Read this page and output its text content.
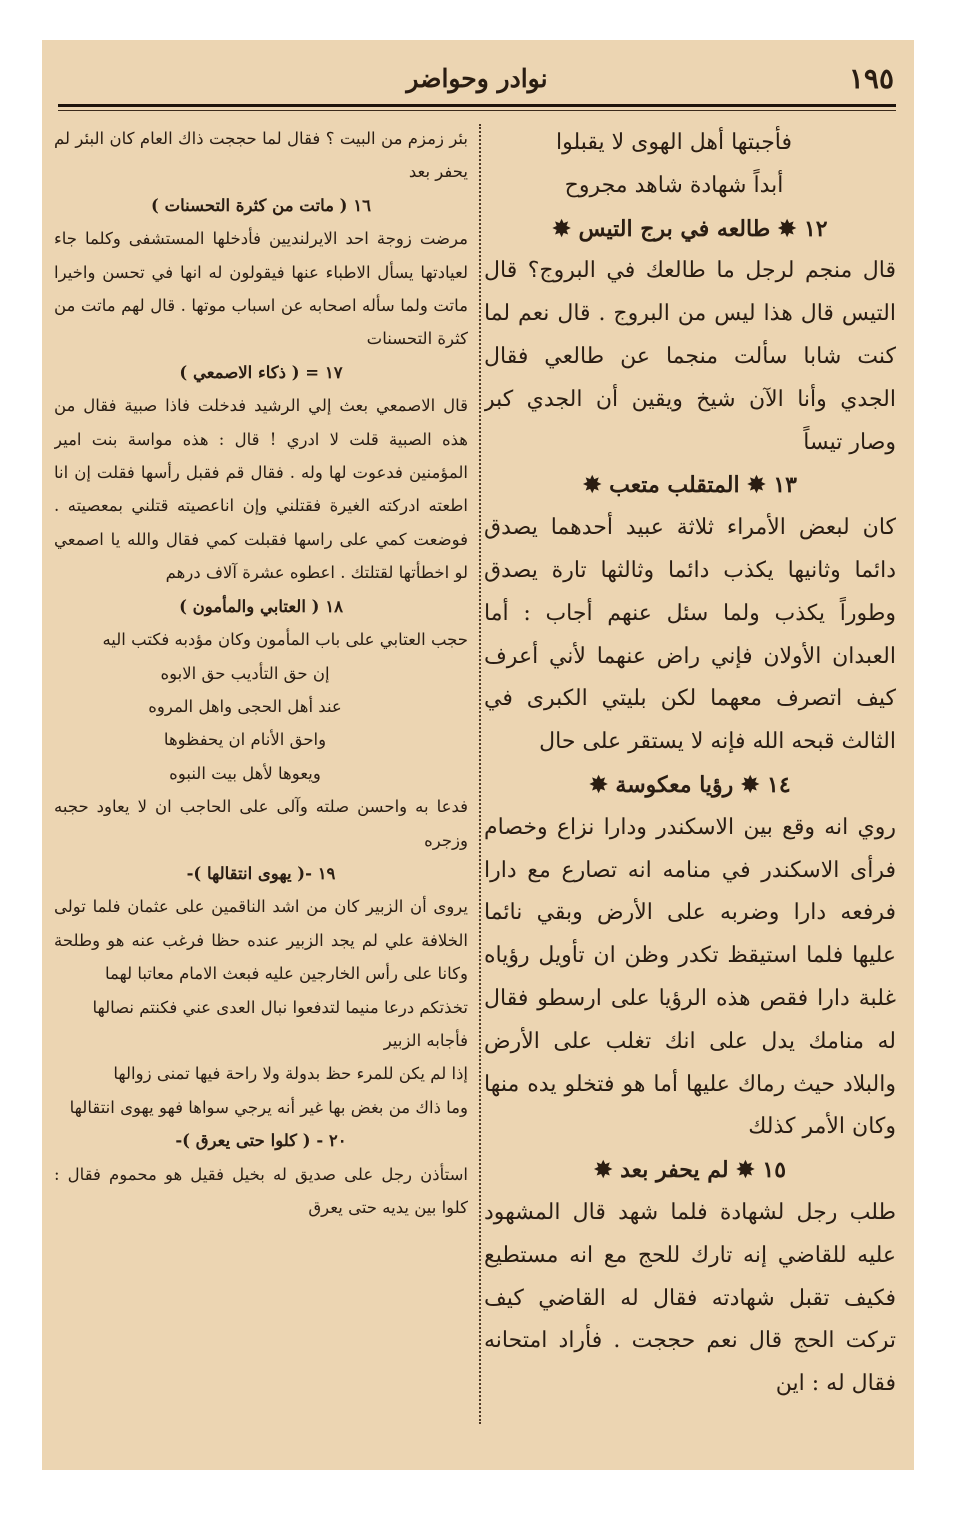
١٩٥
نوادر وحواضر

فأجبتها أهل الهوى لا يقبلوا

أبداً شهادة شاهد مجروح

١٢ ✸ طالعه في برج التيس ✸

قال منجم لرجل ما طالعك في البروج؟ قال التيس قال هذا ليس من البروج . قال نعم لما كنت شابا سألت منجما عن طالعي فقال الجدي وأنا الآن شيخ ويقين أن الجدي كبر وصار تيساً

١٣ ✸ المتقلب متعب ✸

كان لبعض الأمراء ثلاثة عبيد أحدهما يصدق دائما وثانيها يكذب دائما وثالثها تارة يصدق وطوراً يكذب ولما سئل عنهم أجاب : أما العبدان الأولان فإني راض عنهما لأني أعرف كيف اتصرف معهما لكن بليتي الكبرى في الثالث قبحه الله فإنه لا يستقر على حال

١٤ ✸ رؤيا معكوسة ✸

روي انه وقع بين الاسكندر ودارا نزاع وخصام فرأى الاسكندر في منامه انه تصارع مع دارا فرفعه دارا وضربه على الأرض وبقي نائما عليها فلما استيقظ تكدر وظن ان تأويل رؤياه غلبة دارا فقص هذه الرؤيا على ارسطو فقال له منامك يدل على انك تغلب على الأرض والبلاد حيث رماك عليها أما هو فتخلو يده منها وكان الأمر كذلك

١٥ ✸ لم يحفر بعد ✸

طلب رجل لشهادة فلما شهد قال المشهود عليه للقاضي إنه تارك للحج مع انه مستطيع فكيف تقبل شهادته فقال له القاضي كيف تركت الحج قال نعم حججت . فأراد امتحانه فقال له : اين

بئر زمزم من البيت ؟ فقال لما حججت ذاك العام كان البئر لم يحفر بعد

١٦ ( ماتت من كثرة التحسنات )

مرضت زوجة احد الايرلنديين فأدخلها المستشفى وكلما جاء لعيادتها يسأل الاطباء عنها فيقولون له انها في تحسن واخيرا ماتت ولما سأله اصحابه عن اسباب موتها . قال لهم ماتت من كثرة التحسنات

١٧ = ( ذكاء الاصمعي )

قال الاصمعي بعث إلي الرشيد فدخلت فاذا صبية فقال من هذه الصبية قلت لا ادري ! قال : هذه مواسة بنت امير المؤمنين فدعوت لها وله . فقال قم فقبل رأسها فقلت إن انا اطعته ادركته الغيرة فقتلني وإن اناعصيته قتلني بمعصيته . فوضعت كمي على راسها فقبلت كمي فقال والله يا اصمعي لو اخطأتها لقتلتك . اعطوه عشرة آلاف درهم

١٨ ( العتابي والمأمون )

حجب العتابي على باب المأمون وكان مؤدبه فكتب اليه

إن حق التأديب حق الابوه

عند أهل الحجى واهل المروه

واحق الأنام ان يحفظوها

ويعوها لأهل بيت النبوه

فدعا به واحسن صلته وآلى على الحاجب ان لا يعاود حجبه وزجره

١٩ -( يهوى انتقالها )-

يروى أن الزبير كان من اشد الناقمين على عثمان فلما تولى الخلافة علي لم يجد الزبير عنده حظا فرغب عنه هو وطلحة وكانا على رأس الخارجين عليه فبعث الامام معاتبا لهما

تخذتكم درعا منيما لتدفعوا نبال العدى عني فكنتم نصالها

فأجابه الزبير

إذا لم يكن للمرء حظ بدولة ولا راحة فيها تمنى زوالها

وما ذاك من بغض بها غير أنه يرجي سواها فهو يهوى انتقالها

٢٠ - ( كلوا حتى يعرق )-

استأذن رجل على صديق له بخيل فقيل هو محموم فقال : كلوا بين يديه حتى يعرق
